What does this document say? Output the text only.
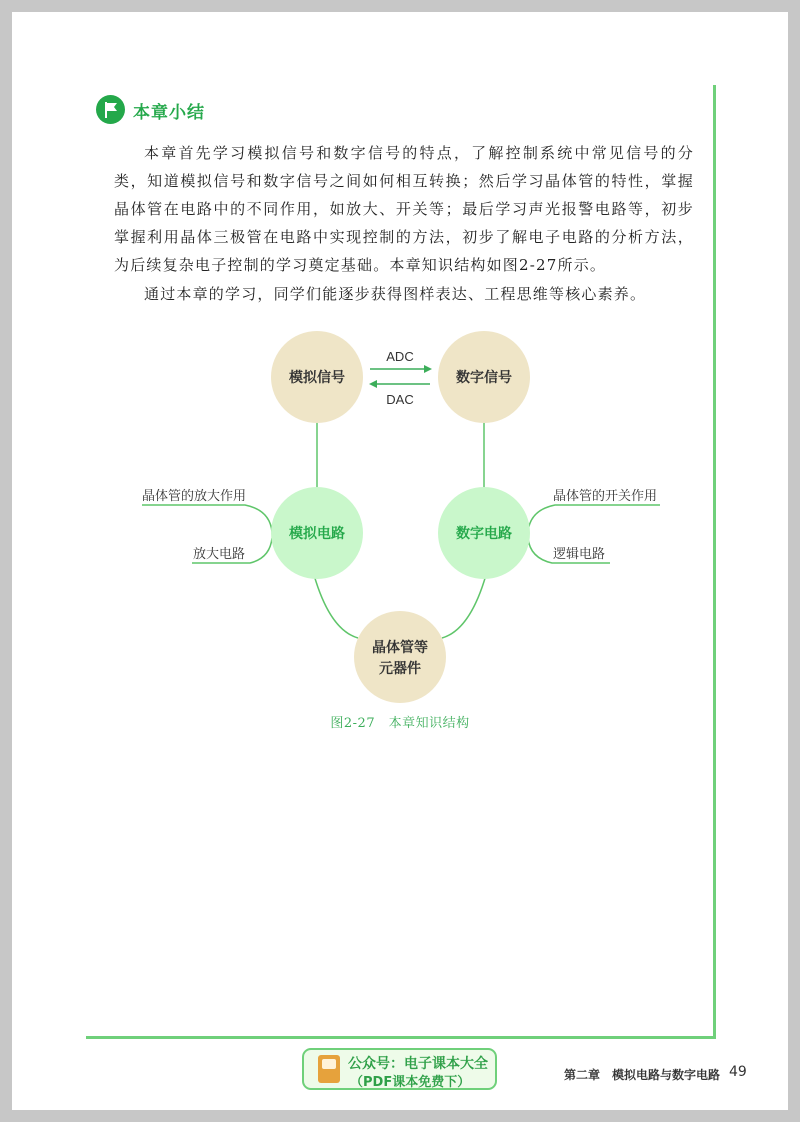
本章小结

本章首先学习模拟信号和数字信号的特点，了解控制系统中常见信号的分类，知道模拟信号和数字信号之间如何相互转换；然后学习晶体管的特性，掌握晶体管在电路中的不同作用，如放大、开关等；最后学习声光报警电路等，初步掌握利用晶体三极管在电路中实现控制的方法，初步了解电子电路的分析方法，为后续复杂电子控制的学习奠定基础。本章知识结构如图2-27所示。

通过本章的学习，同学们能逐步获得图样表达、工程思维等核心素养。

ADC
DAC
模拟信号	数字信号
模拟电路	数字电路
晶体管等
元器件
晶体管的放大作用
放大电路
晶体管的开关作用
逻辑电路
图2-27　本章知识结构
公众号：电子课本大全
（PDF课本免费下）	第二章　模拟电路与数字电路 49
